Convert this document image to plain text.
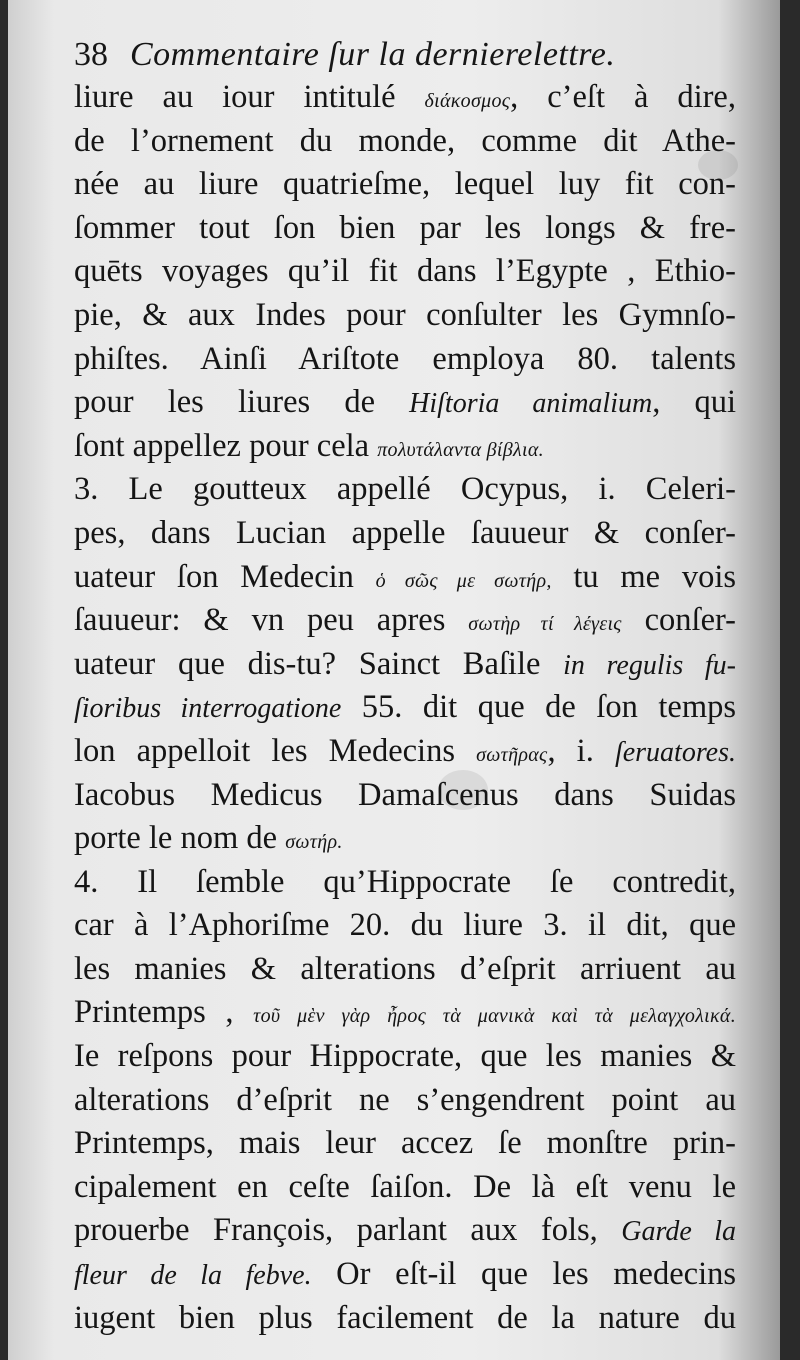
38 Commentaire ſur la dernierelettre.
liure au iour intitulé διάκοσμος, c’eſt à dire,
de l’ornement du monde, comme dit Athe-
née au liure quatrieſme, lequel luy fit con-
ſommer tout ſon bien par les longs & fre-
quēts voyages qu’il fit dans l’Egypte , Ethio-
pie, & aux Indes pour conſulter les Gymnſo-
phiſtes. Ainſi Ariſtote employa 80. talents
pour les liures de Hiſtoria animalium, qui
ſont appellez pour cela πολυτάλαντα βίβλια.
3. Le goutteux appellé Ocypus, i. Celeri-
pes, dans Lucian appelle ſauueur & conſer-
uateur ſon Medecin ὁ σῶς με σωτήρ, tu me vois
ſauueur: & vn peu apres σωτὴρ τί λέγεις conſer-
uateur que dis-tu? Sainct Baſile in regulis fu-
ſioribus interrogatione 55. dit que de ſon temps
lon appelloit les Medecins σωτῆρας, i. ſeruatores.
Iacobus Medicus Damaſcenus dans Suidas
porte le nom de σωτήρ.
4. Il ſemble qu’Hippocrate ſe contredit,
car à l’Aphoriſme 20. du liure 3. il dit, que
les manies & alterations d’eſprit arriuent au
Printemps , τοῦ μὲν γὰρ ἦρος τὰ μανικὰ καὶ τὰ μελαγχολικά.
Ie reſpons pour Hippocrate, que les manies &
alterations d’eſprit ne s’engendrent point au
Printemps, mais leur accez ſe monſtre prin-
cipalement en ceſte ſaiſon. De là eſt venu le
prouerbe François, parlant aux fols, Garde la
fleur de la febve. Or eſt-il que les medecins
iugent bien plus facilement de la nature du
